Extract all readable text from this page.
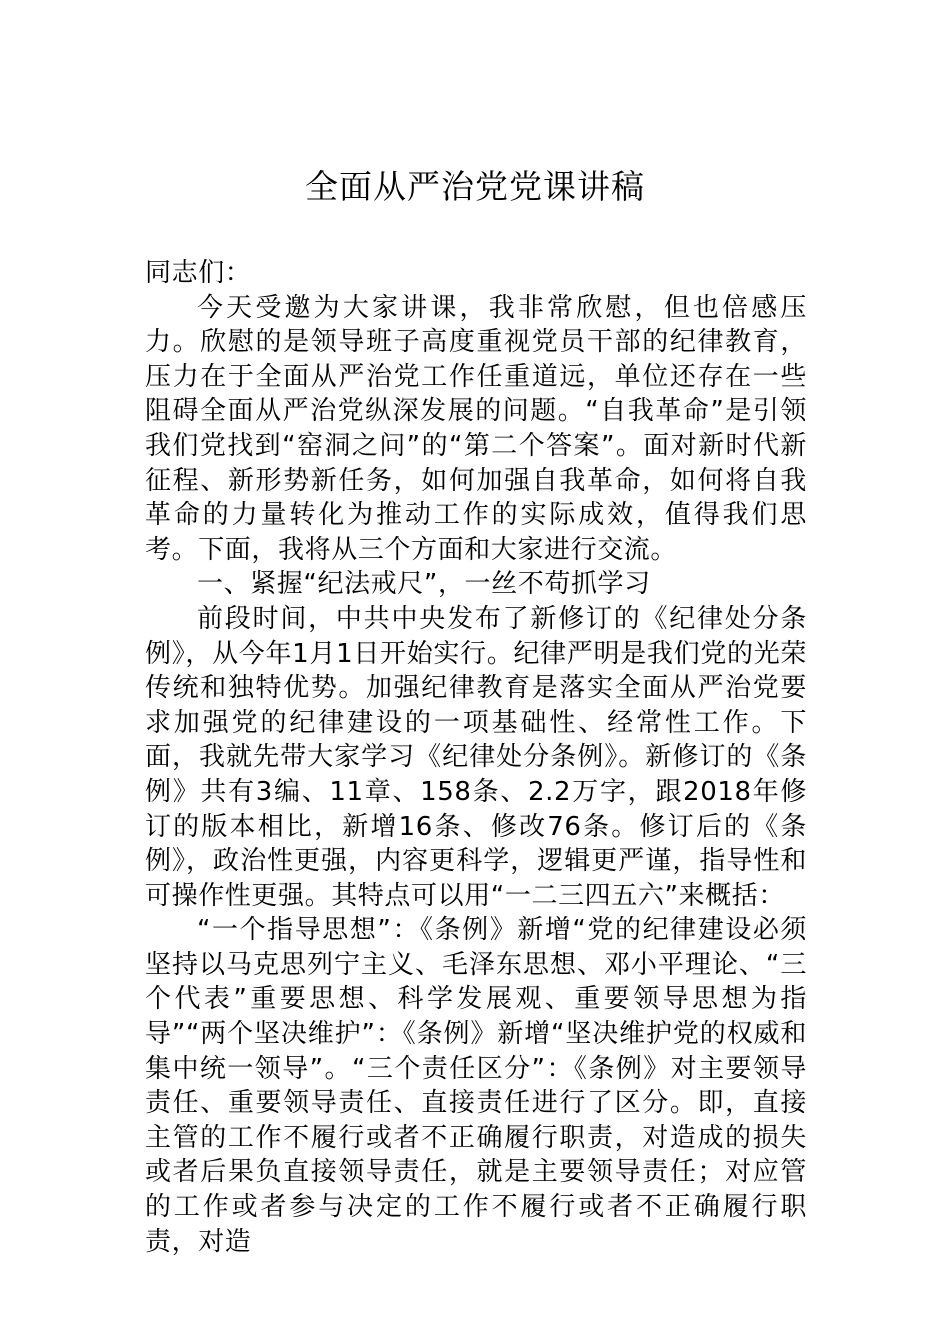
全面从严治党党课讲稿

同志们：

今天受邀为大家讲课，我非常欣慰，但也倍感压力。欣慰的是领导班子高度重视党员干部的纪律教育，压力在于全面从严治党工作任重道远，单位还存在一些阻碍全面从严治党纵深发展的问题。“自我革命”是引领我们党找到“窑洞之问”的“第二个答案”。面对新时代新征程、新形势新任务，如何加强自我革命，如何将自我革命的力量转化为推动工作的实际成效，值得我们思考。下面，我将从三个方面和大家进行交流。

一、紧握“纪法戒尺”，一丝不苟抓学习

前段时间，中共中央发布了新修订的《纪律处分条例》，从今年1月1日开始实行。纪律严明是我们党的光荣传统和独特优势。加强纪律教育是落实全面从严治党要求加强党的纪律建设的一项基础性、经常性工作。下面，我就先带大家学习《纪律处分条例》。新修订的《条例》共有3编、11章、158条、2.2万字，跟2018年修订的版本相比，新增16条、修改76条。修订后的《条例》，政治性更强，内容更科学，逻辑更严谨，指导性和可操作性更强。其特点可以用“一二三四五六”来概括：

“一个指导思想”：《条例》新增“党的纪律建设必须坚持以马克思列宁主义、毛泽东思想、邓小平理论、“三个代表”重要思想、科学发展观、重要领导思想为指导”“两个坚决维护”：《条例》新增“坚决维护党的权威和集中统一领导”。“三个责任区分”：《条例》对主要领导责任、重要领导责任、直接责任进行了区分。即，直接主管的工作不履行或者不正确履行职责，对造成的损失或者后果负直接领导责任，就是主要领导责任；对应管的工作或者参与决定的工作不履行或者不正确履行职责，对造
